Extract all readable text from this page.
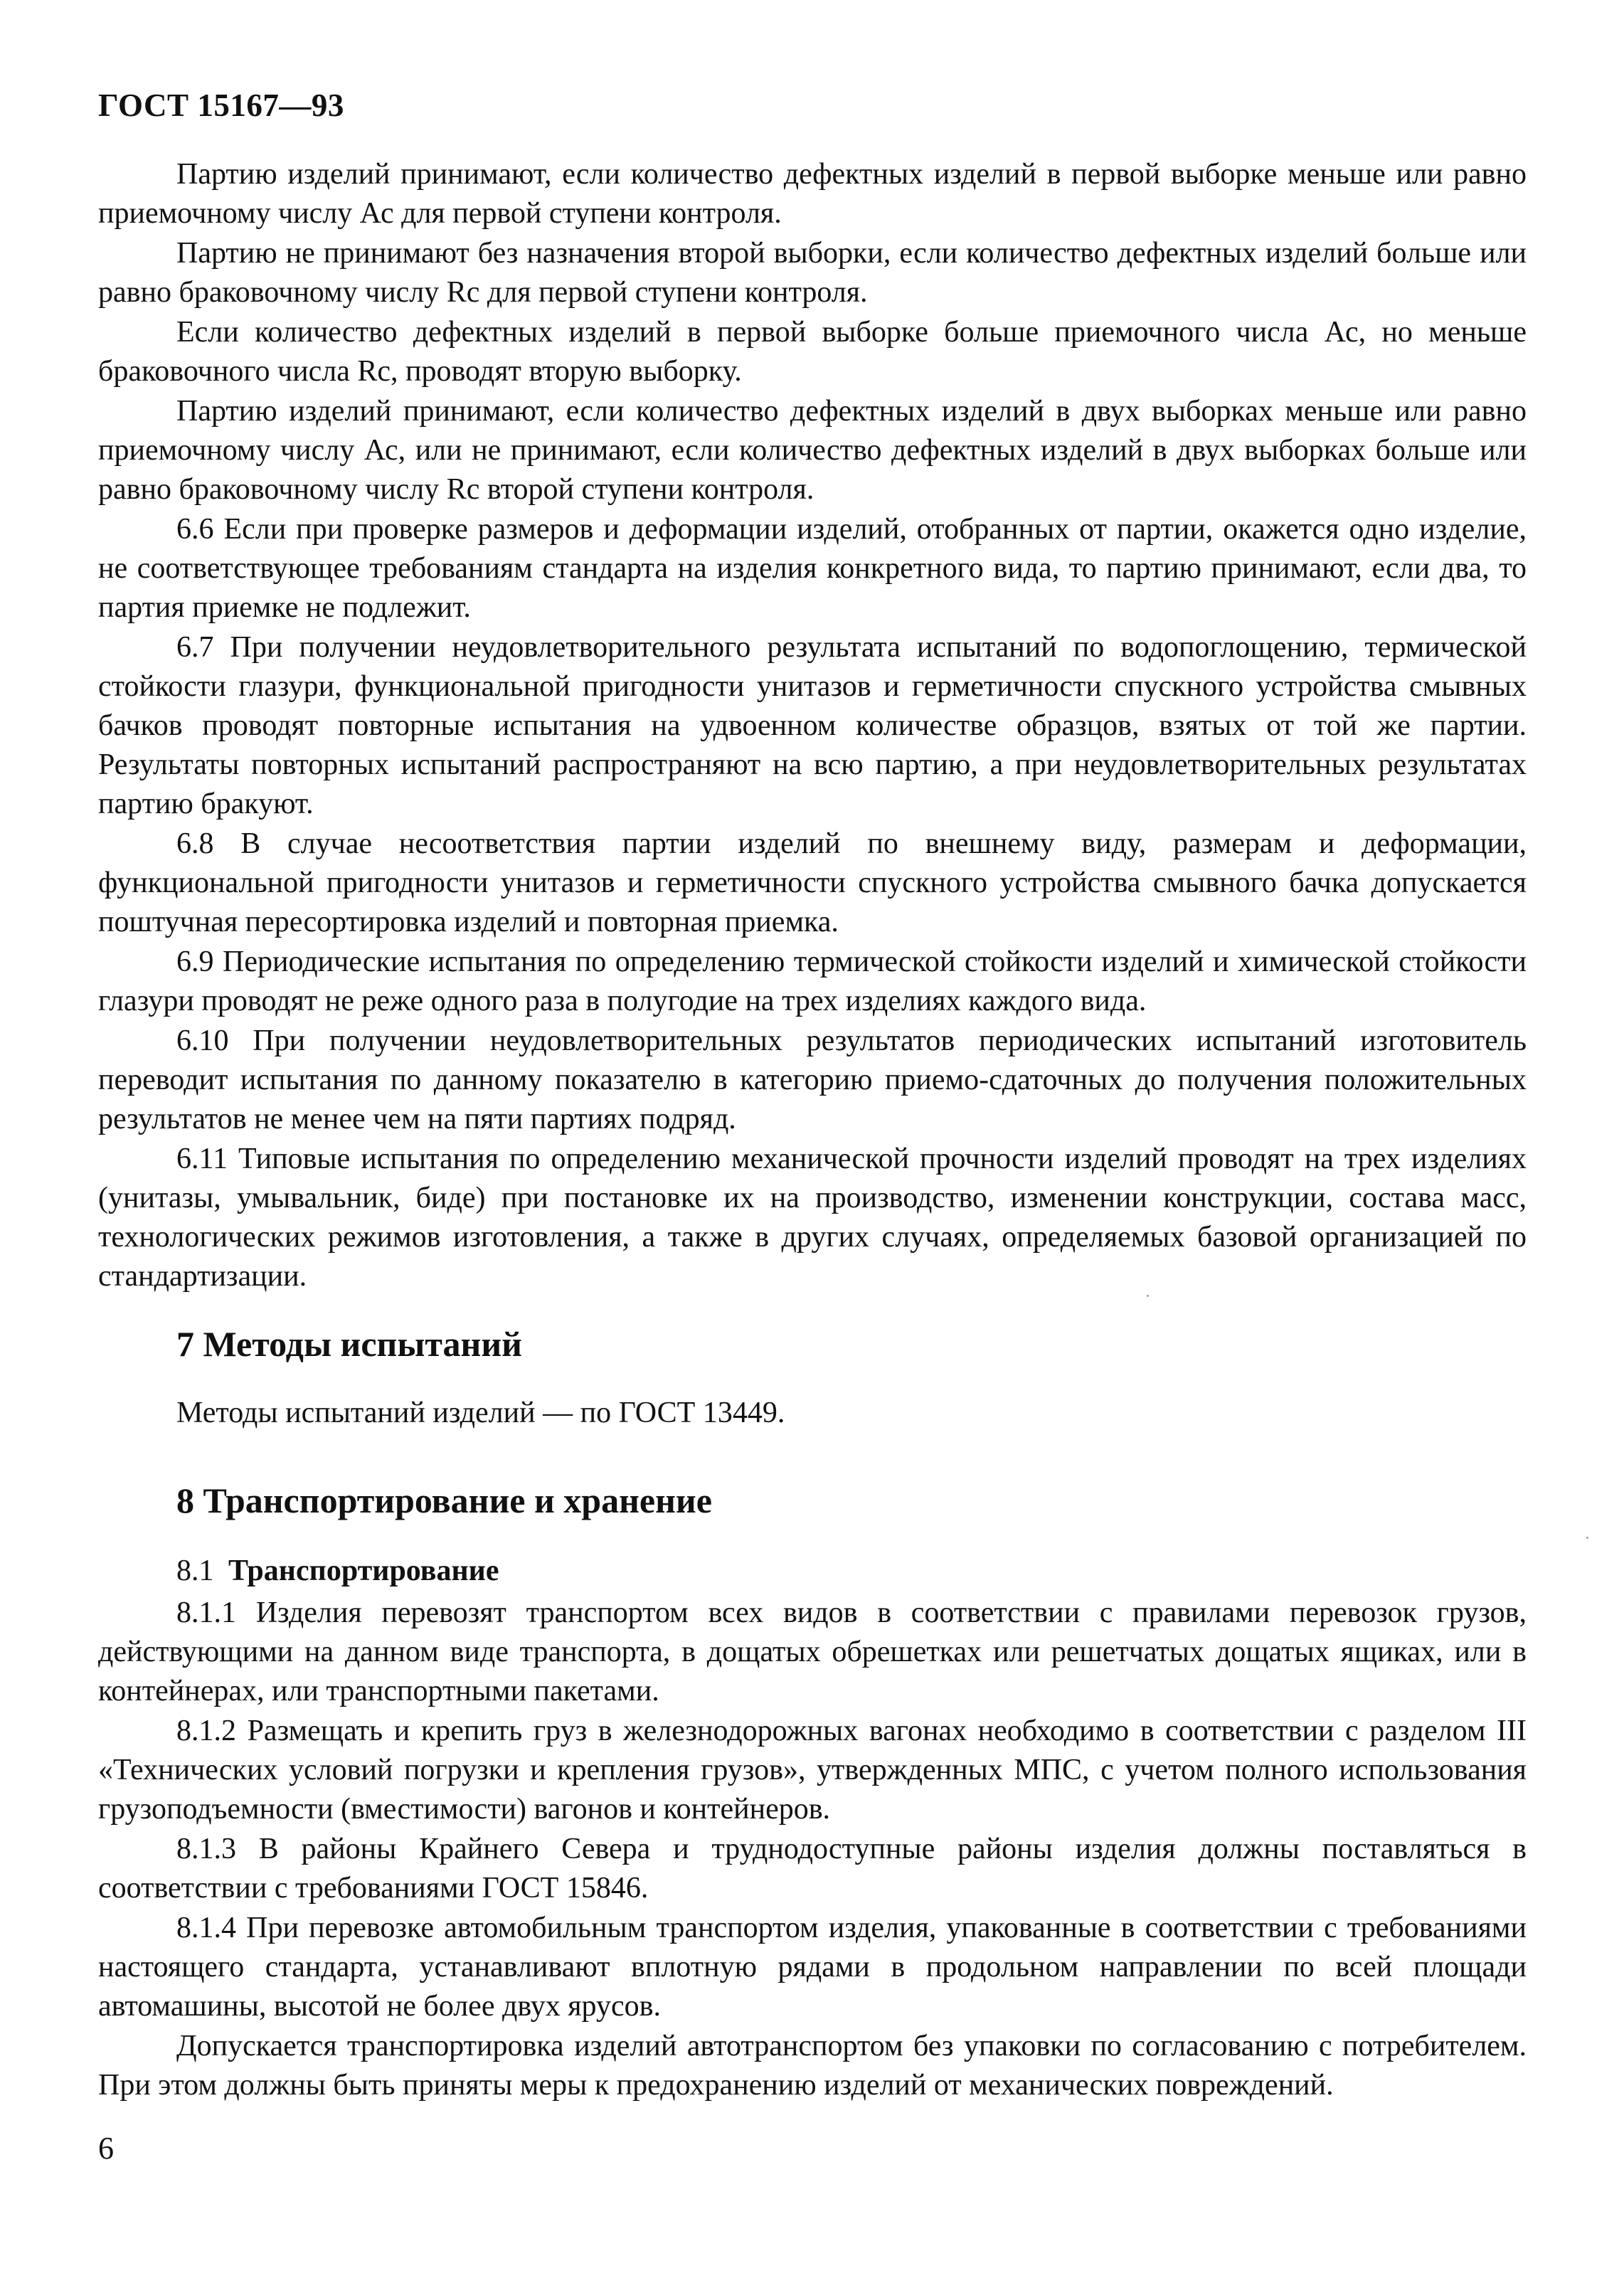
ГОСТ 15167—93

Партию изделий принимают, если количество дефектных изделий в первой выборке меньше или равно приемочному числу Ас для первой ступени контроля.

Партию не принимают без назначения второй выборки, если количество дефектных изделий больше или равно браковочному числу Rc для первой ступени контроля.

Если количество дефектных изделий в первой выборке больше приемочного числа Ас, но меньше браковочного числа Rc, проводят вторую выборку.

Партию изделий принимают, если количество дефектных изделий в двух выборках меньше или равно приемочному числу Ас, или не принимают, если количество дефектных изделий в двух выборках больше или равно браковочному числу Rc второй ступени контроля.

6.6 Если при проверке размеров и деформации изделий, отобранных от партии, окажется одно изделие, не соответствующее требованиям стандарта на изделия конкретного вида, то партию принимают, если два, то партия приемке не подлежит.

6.7 При получении неудовлетворительного результата испытаний по водопоглощению, термической стойкости глазури, функциональной пригодности унитазов и герметичности спускного устройства смывных бачков проводят повторные испытания на удвоенном количестве образцов, взятых от той же партии. Результаты повторных испытаний распространяют на всю партию, а при неудовлетворительных результатах партию бракуют.

6.8 В случае несоответствия партии изделий по внешнему виду, размерам и деформации, функциональной пригодности унитазов и герметичности спускного устройства смывного бачка допускается поштучная пересортировка изделий и повторная приемка.

6.9 Периодические испытания по определению термической стойкости изделий и химической стойкости глазури проводят не реже одного раза в полугодие на трех изделиях каждого вида.

6.10 При получении неудовлетворительных результатов периодических испытаний изготовитель переводит испытания по данному показателю в категорию приемо-сдаточных до получения положительных результатов не менее чем на пяти партиях подряд.

6.11 Типовые испытания по определению механической прочности изделий проводят на трех изделиях (унитазы, умывальник, биде) при постановке их на производство, изменении конструкции, состава масс, технологических режимов изготовления, а также в других случаях, определяемых базовой организацией по стандартизации.

7 Методы испытаний
Методы испытаний изделий — по ГОСТ 13449.
8 Транспортирование и хранение
8.1 Транспортирование

8.1.1 Изделия перевозят транспортом всех видов в соответствии с правилами перевозок грузов, действующими на данном виде транспорта, в дощатых обрешетках или решетчатых дощатых ящиках, или в контейнерах, или транспортными пакетами.

8.1.2 Размещать и крепить груз в железнодорожных вагонах необходимо в соответствии с разделом III «Технических условий погрузки и крепления грузов», утвержденных МПС, с учетом полного использования грузоподъемности (вместимости) вагонов и контейнеров.

8.1.3 В районы Крайнего Севера и труднодоступные районы изделия должны поставляться в соответствии с требованиями ГОСТ 15846.

8.1.4 При перевозке автомобильным транспортом изделия, упакованные в соответствии с требованиями настоящего стандарта, устанавливают вплотную рядами в продольном направлении по всей площади автомашины, высотой не более двух ярусов.

Допускается транспортировка изделий автотранспортом без упаковки по согласованию с потребителем. При этом должны быть приняты меры к предохранению изделий от механических повреждений.

6
